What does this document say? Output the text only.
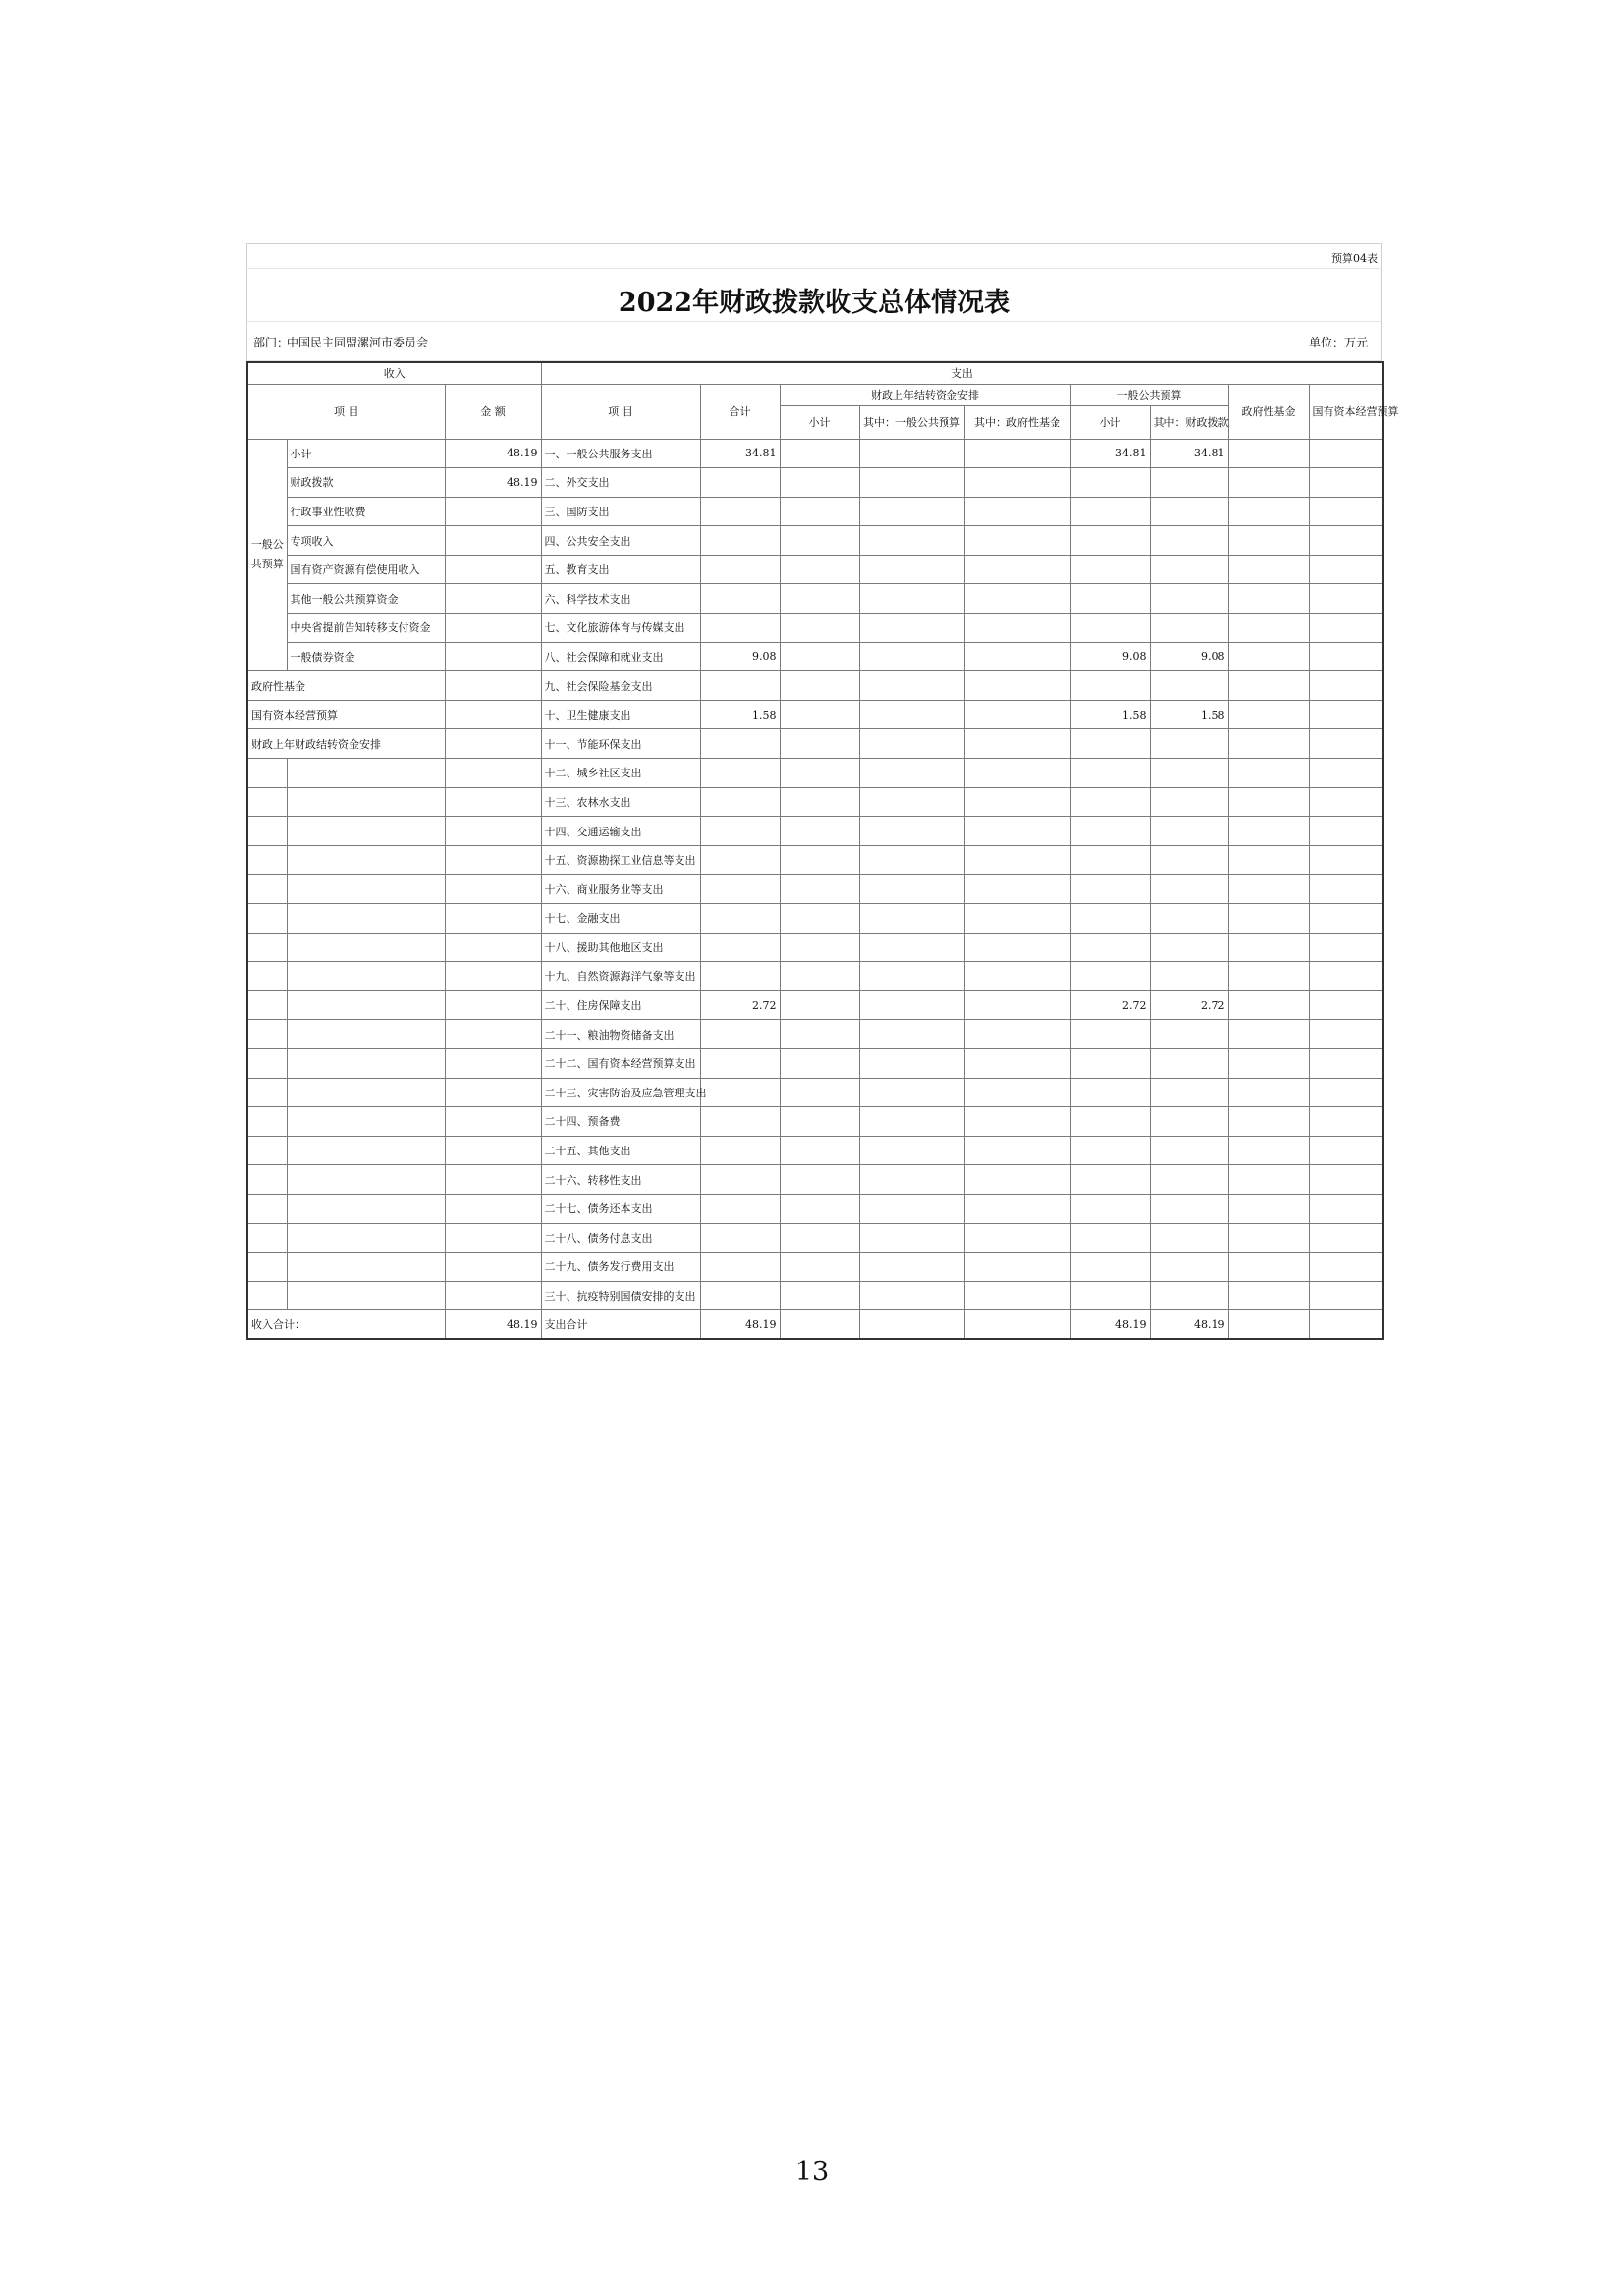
预算04表
2022年财政拨款收支总体情况表
部门：
中国民主同盟漯河市委员会	单位：万元
收入			支出								
项 目		金 额	项 目	合计	财政上年结转资金安排			一般公共预算		政府性基金	国有资本经营预算
					小计	其中：一般公共预算	其中：政府性基金	小计	其中：财政拨款		
一般公共预算	小计	48.19	一、一般公共服务支出	34.81				34.81	34.81		
	财政拨款	48.19	二、外交支出								
	行政事业性收费		三、国防支出								
	专项收入		四、公共安全支出								
	国有资产资源有偿使用收入		五、教育支出								
	其他一般公共预算资金		六、科学技术支出								
	中央省提前告知转移支付资金		七、文化旅游体育与传媒支出								
	一般债券资金		八、社会保障和就业支出	9.08				9.08	9.08		
政府性基金			九、社会保险基金支出								
国有资本经营预算			十、卫生健康支出	1.58				1.58	1.58		
财政上年财政结转资金安排			十一、节能环保支出								
			十二、城乡社区支出								
			十三、农林水支出								
			十四、交通运输支出								
			十五、资源勘探工业信息等支出								
			十六、商业服务业等支出								
			十七、金融支出								
			十八、援助其他地区支出								
			十九、自然资源海洋气象等支出								
			二十、住房保障支出	2.72				2.72	2.72		
			二十一、粮油物资储备支出								
			二十二、国有资本经营预算支出								
			二十三、灾害防治及应急管理支出								
			二十四、预备费								
			二十五、其他支出								
			二十六、转移性支出								
			二十七、债务还本支出								
			二十八、债务付息支出								
			二十九、债务发行费用支出								
			三十、抗疫特别国债安排的支出								
收入合计：		48.19	支出合计	48.19				48.19	48.19		
13
